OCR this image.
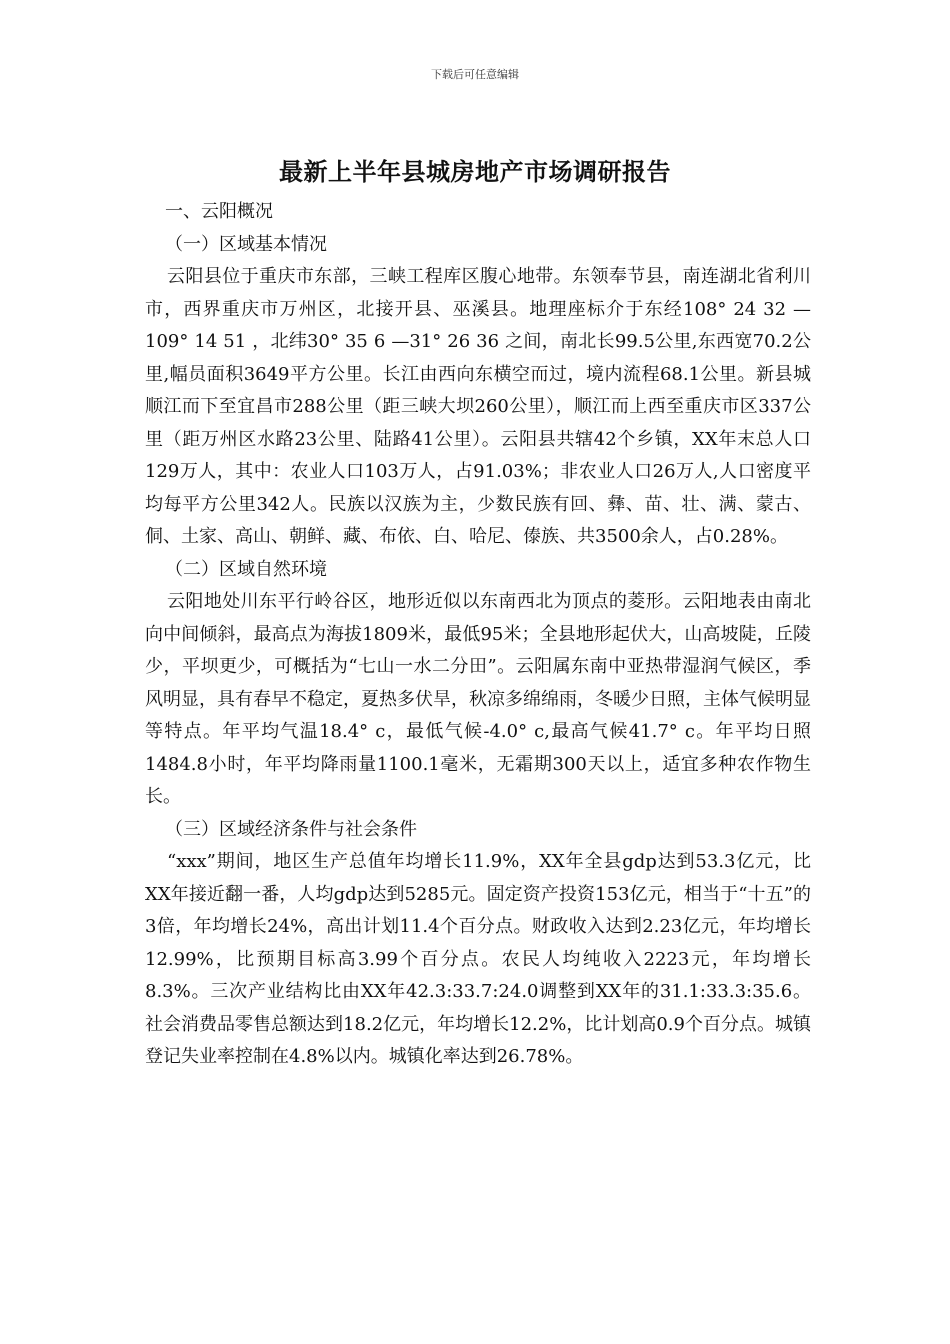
下载后可任意编辑
最新上半年县城房地产市场调研报告

一、云阳概况

（一）区域基本情况

云阳县位于重庆市东部，三峡工程库区腹心地带。东领奉节县，南连湖北省利川市，西界重庆市万州区，北接开县、巫溪县。地理座标介于东经108° 24 32 —109° 14 51 ，北纬30° 35 6 —31° 26 36 之间，南北长99.5公里,东西宽70.2公里,幅员面积3649平方公里。长江由西向东横空而过，境内流程68.1公里。新县城顺江而下至宜昌市288公里（距三峡大坝260公里），顺江而上西至重庆市区337公里（距万州区水路23公里、陆路41公里）。云阳县共辖42个乡镇，XX年末总人口129万人，其中：农业人口103万人，占91.03%；非农业人口26万人,人口密度平均每平方公里342人。民族以汉族为主，少数民族有回、彝、苗、壮、满、蒙古、侗、土家、高山、朝鲜、藏、布依、白、哈尼、傣族、共3500余人，占0.28%。

（二）区域自然环境

云阳地处川东平行岭谷区，地形近似以东南西北为顶点的菱形。云阳地表由南北向中间倾斜，最高点为海拔1809米，最低95米；全县地形起伏大，山高坡陡，丘陵少，平坝更少，可概括为“七山一水二分田”。云阳属东南中亚热带湿润气候区，季风明显，具有春早不稳定，夏热多伏旱，秋凉多绵绵雨，冬暖少日照，主体气候明显等特点。年平均气温18.4° c，最低气候-4.0° c,最高气候41.7° c。年平均日照1484.8小时，年平均降雨量1100.1毫米，无霜期300天以上，适宜多种农作物生长。

（三）区域经济条件与社会条件

“xxx”期间，地区生产总值年均增长11.9%，XX年全县gdp达到53.3亿元，比XX年接近翻一番，人均gdp达到5285元。固定资产投资153亿元，相当于“十五”的3倍，年均增长24%，高出计划11.4个百分点。财政收入达到2.23亿元，年均增长12.99%，比预期目标高3.99个百分点。农民人均纯收入2223元，年均增长8.3%。三次产业结构比由XX年42.3:33.7:24.0调整到XX年的31.1:33.3:35.6。社会消费品零售总额达到18.2亿元，年均增长12.2%，比计划高0.9个百分点。城镇登记失业率控制在4.8%以内。城镇化率达到26.78%。
